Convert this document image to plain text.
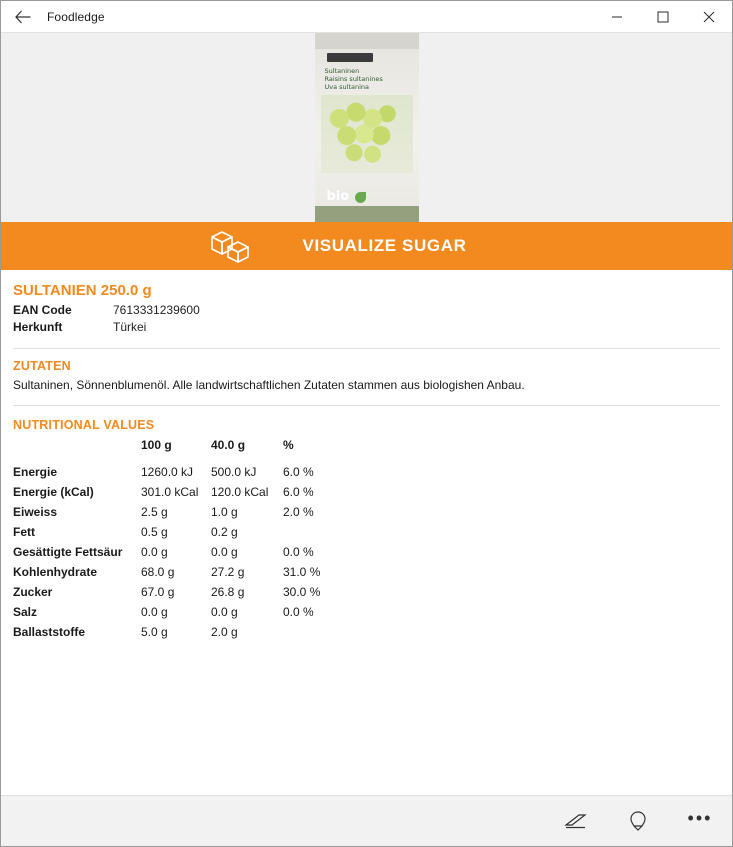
Foodledge
Sultaninen
Raisins sultanines
Uva sultanina
bio
VISUALIZE SUGAR
SULTANIEN 250.0 g
EAN Code	7613331239600
Herkunft	Türkei
ZUTATEN
Sultaninen, Sönnenblumenöl. Alle landwirtschaftlichen Zutaten stammen aus biologishen Anbau.
NUTRITIONAL VALUES
	100 g	40.0 g	%
Energie	1260.0 kJ	500.0 kJ	6.0 %
Energie (kCal)	301.0 kCal	120.0 kCal	6.0 %
Eiweiss	2.5 g	1.0 g	2.0 %
Fett	0.5 g	0.2 g	
Gesättigte Fettsäur	0.0 g	0.0 g	0.0 %
Kohlenhydrate	68.0 g	27.2 g	31.0 %
Zucker	67.0 g	26.8 g	30.0 %
Salz	0.0 g	0.0 g	0.0 %
Ballaststoffe	5.0 g	2.0 g	
•••
